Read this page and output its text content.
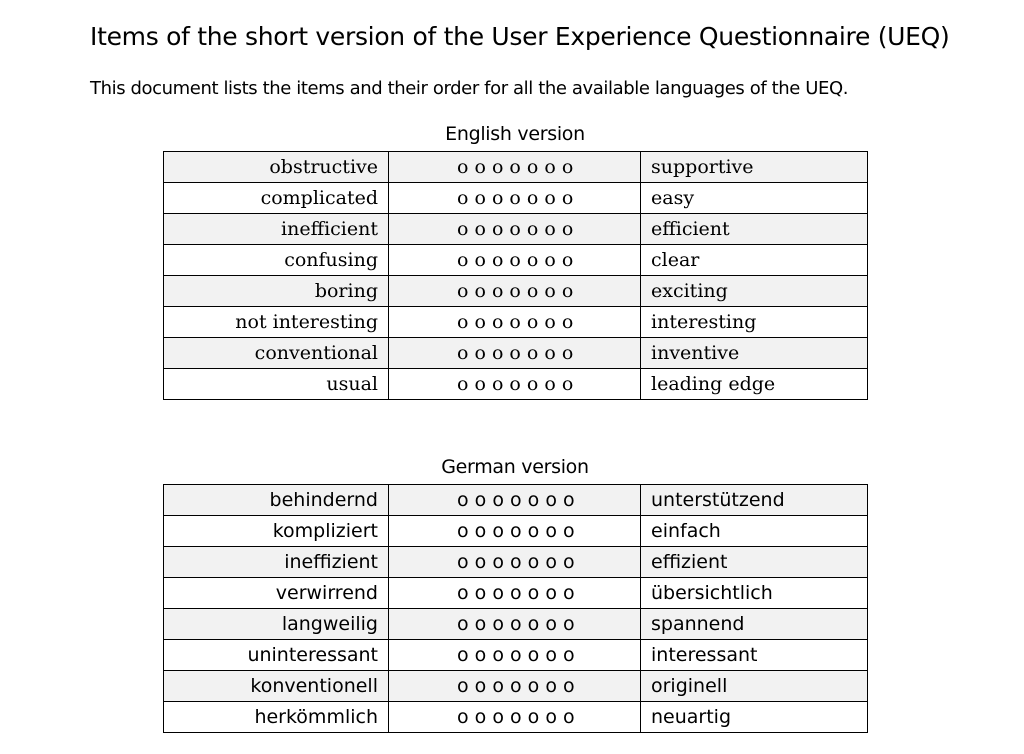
Items of the short version of the User Experience Questionnaire (UEQ)
This document lists the items and their order for all the available languages of the UEQ.
English version
obstructive	o o o o o o o	supportive
complicated	o o o o o o o	easy
inefficient	o o o o o o o	efficient
confusing	o o o o o o o	clear
boring	o o o o o o o	exciting
not interesting	o o o o o o o	interesting
conventional	o o o o o o o	inventive
usual	o o o o o o o	leading edge
German version
behindernd	o o o o o o o	unterstützend
kompliziert	o o o o o o o	einfach
ineffizient	o o o o o o o	effizient
verwirrend	o o o o o o o	übersichtlich
langweilig	o o o o o o o	spannend
uninteressant	o o o o o o o	interessant
konventionell	o o o o o o o	originell
herkömmlich	o o o o o o o	neuartig
